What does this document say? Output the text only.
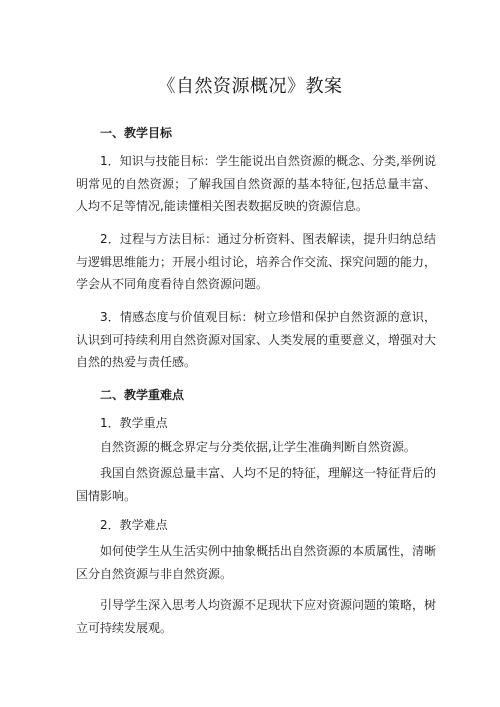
《自然资源概况》教案
一、教学目标
1．知识与技能目标：学生能说出自然资源的概念、分类,举例说明常见的自然资源；了解我国自然资源的基本特征,包括总量丰富、人均不足等情况,能读懂相关图表数据反映的资源信息。
2．过程与方法目标：通过分析资料、图表解读，提升归纳总结与逻辑思维能力；开展小组讨论，培养合作交流、探究问题的能力，学会从不同角度看待自然资源问题。
3．情感态度与价值观目标：树立珍惜和保护自然资源的意识，认识到可持续利用自然资源对国家、人类发展的重要意义，增强对大自然的热爱与责任感。
二、教学重难点
1．教学重点
自然资源的概念界定与分类依据,让学生准确判断自然资源。
我国自然资源总量丰富、人均不足的特征，理解这一特征背后的国情影响。
2．教学难点
如何使学生从生活实例中抽象概括出自然资源的本质属性，清晰区分自然资源与非自然资源。
引导学生深入思考人均资源不足现状下应对资源问题的策略，树立可持续发展观。
